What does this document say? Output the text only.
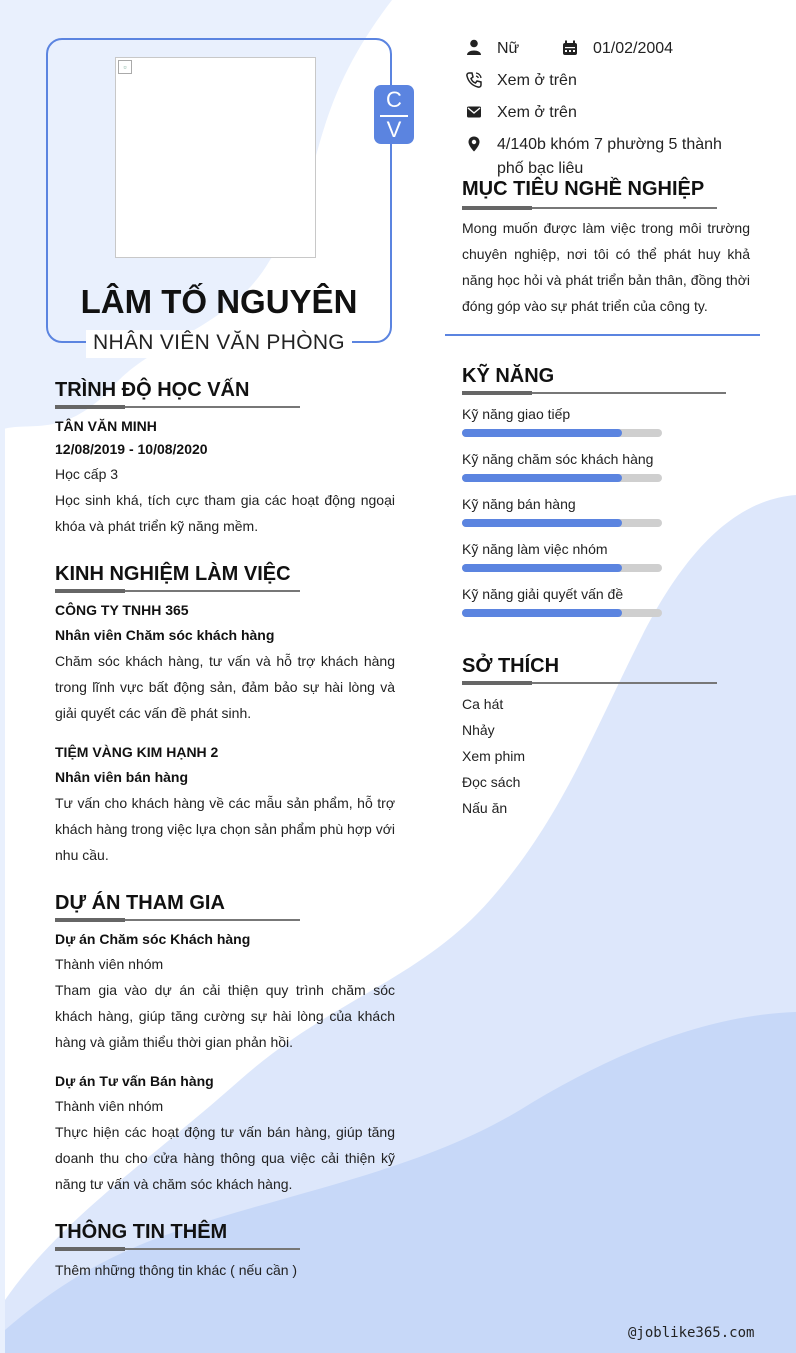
▫
C
V
LÂM TỐ NGUYÊN
NHÂN VIÊN VĂN PHÒNG
Nữ	01/02/2004
Xem ở trên
Xem ở trên
4/140b khóm 7 phường 5 thành phố bạc liêu
MỤC TIÊU NGHỀ NGHIỆP
Mong muốn được làm việc trong môi trường chuyên nghiệp, nơi tôi có thể phát huy khả năng học hỏi và phát triển bản thân, đồng thời đóng góp vào sự phát triển của công ty.
KỸ NĂNG
Kỹ năng giao tiếp
Kỹ năng chăm sóc khách hàng
Kỹ năng bán hàng
Kỹ năng làm việc nhóm
Kỹ năng giải quyết vấn đề
SỞ THÍCH
Ca hát
Nhảy
Xem phim
Đọc sách
Nấu ăn
TRÌNH ĐỘ HỌC VẤN
TÂN VĂN MINH
12/08/2019 - 10/08/2020
Học cấp 3
Học sinh khá, tích cực tham gia các hoạt động ngoại khóa và phát triển kỹ năng mềm.
KINH NGHIỆM LÀM VIỆC
CÔNG TY TNHH 365
Nhân viên Chăm sóc khách hàng
Chăm sóc khách hàng, tư vấn và hỗ trợ khách hàng trong lĩnh vực bất động sản, đảm bảo sự hài lòng và giải quyết các vấn đề phát sinh.
TIỆM VÀNG KIM HẠNH 2
Nhân viên bán hàng
Tư vấn cho khách hàng về các mẫu sản phẩm, hỗ trợ khách hàng trong việc lựa chọn sản phẩm phù hợp với nhu cầu.
DỰ ÁN THAM GIA
Dự án Chăm sóc Khách hàng
Thành viên nhóm
Tham gia vào dự án cải thiện quy trình chăm sóc khách hàng, giúp tăng cường sự hài lòng của khách hàng và giảm thiểu thời gian phản hồi.
Dự án Tư vấn Bán hàng
Thành viên nhóm
Thực hiện các hoạt động tư vấn bán hàng, giúp tăng doanh thu cho cửa hàng thông qua việc cải thiện kỹ năng tư vấn và chăm sóc khách hàng.
THÔNG TIN THÊM
Thêm những thông tin khác ( nếu cần )
@joblike365.com
